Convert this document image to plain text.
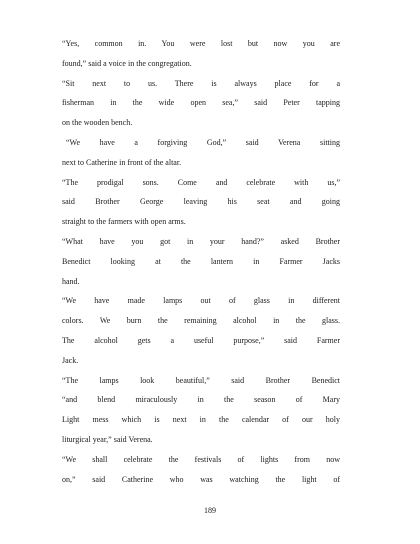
“Yes, common in. You were lost but now you are
found,” said a voice in the congregation.
“Sit next to us. There is always place for a
fisherman in the wide open sea,” said Peter tapping
on the wooden bench.
“We have a forgiving God,” said Verena sitting
next to Catherine in front of the altar.
“The prodigal sons. Come and celebrate with us,”
said Brother George leaving his seat and going
straight to the farmers with open arms.
“What have you got in your hand?” asked Brother
Benedict looking at the lantern in Farmer Jacks
hand.
“We have made lamps out of glass in different
colors. We burn the remaining alcohol in the glass.
The alcohol gets a useful purpose,” said Farmer
Jack.
“The lamps look beautiful,” said Brother Benedict
“and blend miraculously in the season of Mary
Light mess which is next in the calendar of our holy
liturgical year,” said Verena.
“We shall celebrate the festivals of lights from now
on,” said Catherine who was watching the light of
189
